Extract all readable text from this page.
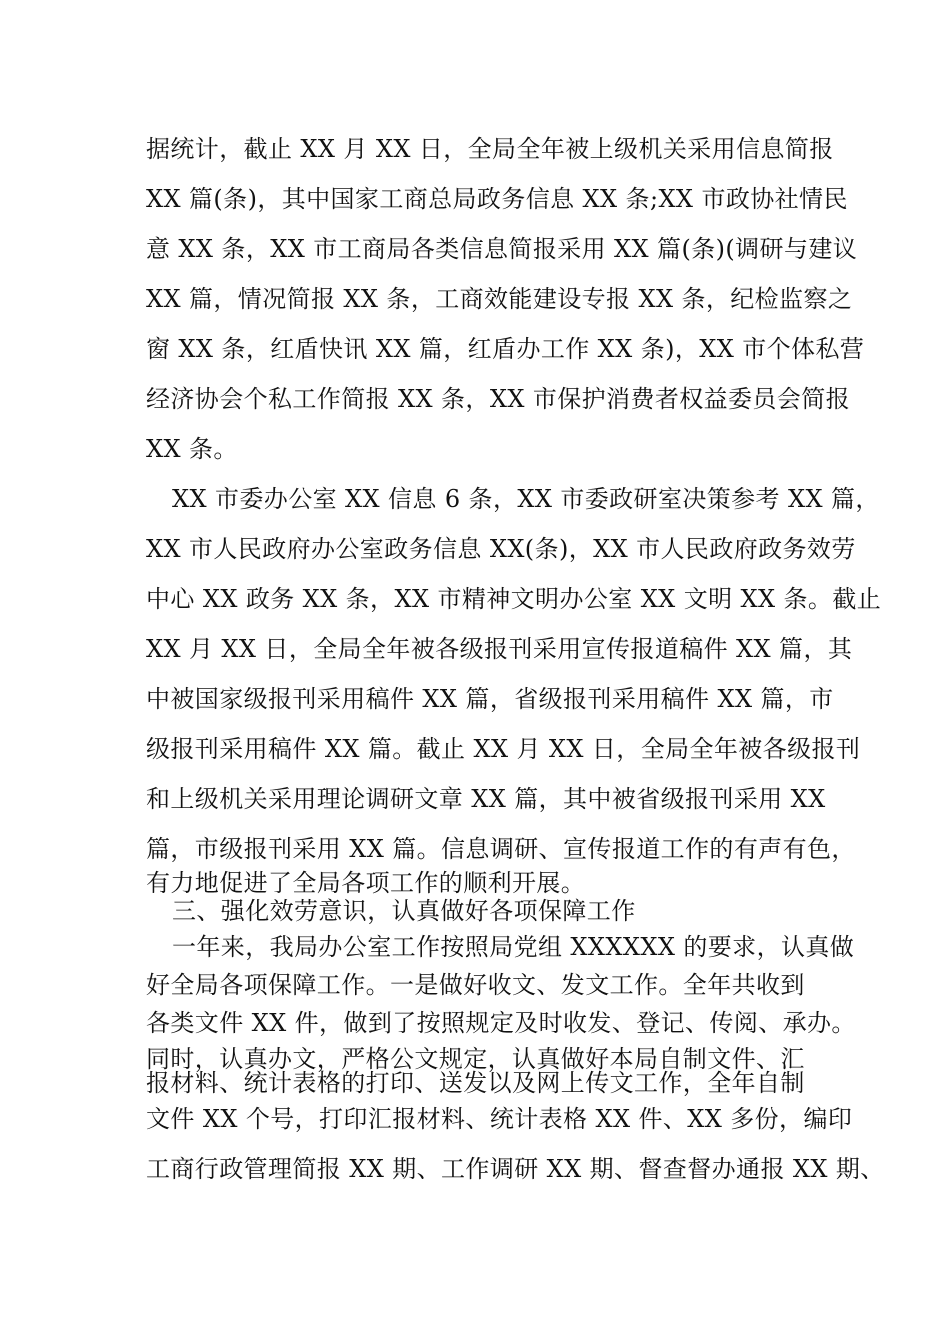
据统计，截止 XX 月 XX 日，全局全年被上级机关采用信息简报
XX 篇(条)，其中国家工商总局政务信息 XX 条;XX 市政协社情民
意 XX 条，XX 市工商局各类信息简报采用 XX 篇(条)(调研与建议
XX 篇，情况简报 XX 条，工商效能建设专报 XX 条，纪检监察之
窗 XX 条，红盾快讯 XX 篇，红盾办工作 XX 条)，XX 市个体私营
经济协会个私工作简报 XX 条，XX 市保护消费者权益委员会简报
XX 条。
XX 市委办公室 XX 信息 6 条，XX 市委政研室决策参考 XX 篇，
XX 市人民政府办公室政务信息 XX(条)，XX 市人民政府政务效劳
中心 XX 政务 XX 条，XX 市精神文明办公室 XX 文明 XX 条。截止
XX 月 XX 日，全局全年被各级报刊采用宣传报道稿件 XX 篇，其
中被国家级报刊采用稿件 XX 篇，省级报刊采用稿件 XX 篇，市
级报刊采用稿件 XX 篇。截止 XX 月 XX 日，全局全年被各级报刊
和上级机关采用理论调研文章 XX 篇，其中被省级报刊采用 XX
篇，市级报刊采用 XX 篇。信息调研、宣传报道工作的有声有色，
有力地促进了全局各项工作的顺利开展。
三、强化效劳意识，认真做好各项保障工作
一年来，我局办公室工作按照局党组 XXXXXX 的要求，认真做
好全局各项保障工作。一是做好收文、发文工作。全年共收到
各类文件 XX 件，做到了按照规定及时收发、登记、传阅、承办。
同时，认真办文，严格公文规定，认真做好本局自制文件、汇
报材料、统计表格的打印、送发以及网上传文工作，全年自制
文件 XX 个号，打印汇报材料、统计表格 XX 件、XX 多份，编印
工商行政管理简报 XX 期、工作调研 XX 期、督查督办通报 XX 期、
